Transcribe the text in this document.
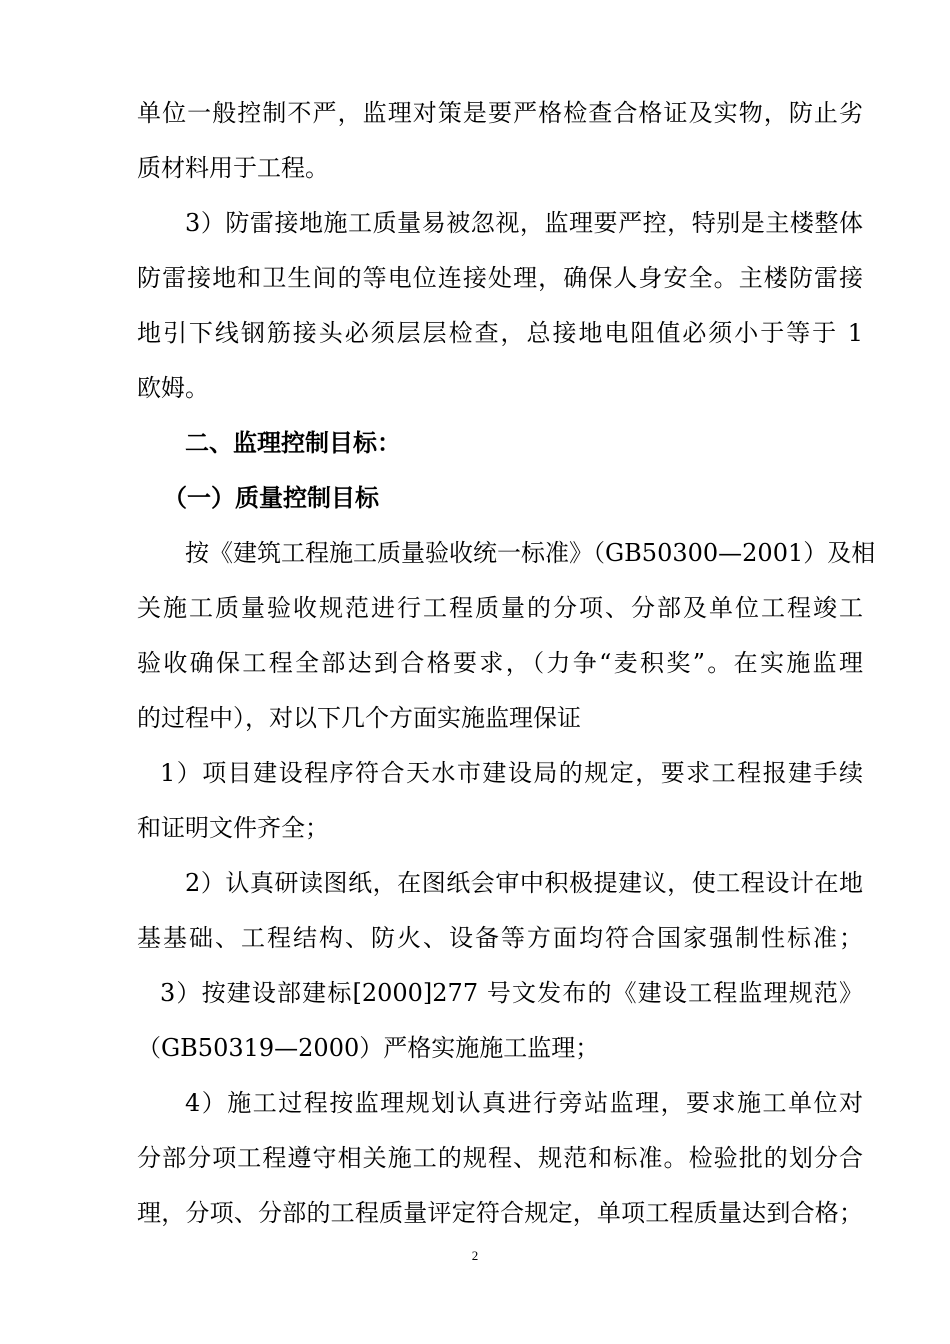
单位一般控制不严，监理对策是要严格检查合格证及实物，防止劣
质材料用于工程。
3）防雷接地施工质量易被忽视，监理要严控，特别是主楼整体
防雷接地和卫生间的等电位连接处理，确保人身安全。主楼防雷接
地引下线钢筋接头必须层层检查，总接地电阻值必须小于等于 1
欧姆。
二、监理控制目标：
（一）质量控制目标
按《建筑工程施工质量验收统一标准》（GB50300—2001）及相
关施工质量验收规范进行工程质量的分项、分部及单位工程竣工
验收确保工程全部达到合格要求，（力争“麦积奖”。在实施监理
的过程中），对以下几个方面实施监理保证
1）项目建设程序符合天水市建设局的规定，要求工程报建手续
和证明文件齐全；
2）认真研读图纸，在图纸会审中积极提建议，使工程设计在地
基基础、工程结构、防火、设备等方面均符合国家强制性标准；
3）按建设部建标[2000]277 号文发布的《建设工程监理规范》
（GB50319—2000）严格实施施工监理；
4）施工过程按监理规划认真进行旁站监理，要求施工单位对
分部分项工程遵守相关施工的规程、规范和标准。检验批的划分合
理，分项、分部的工程质量评定符合规定，单项工程质量达到合格；
2
